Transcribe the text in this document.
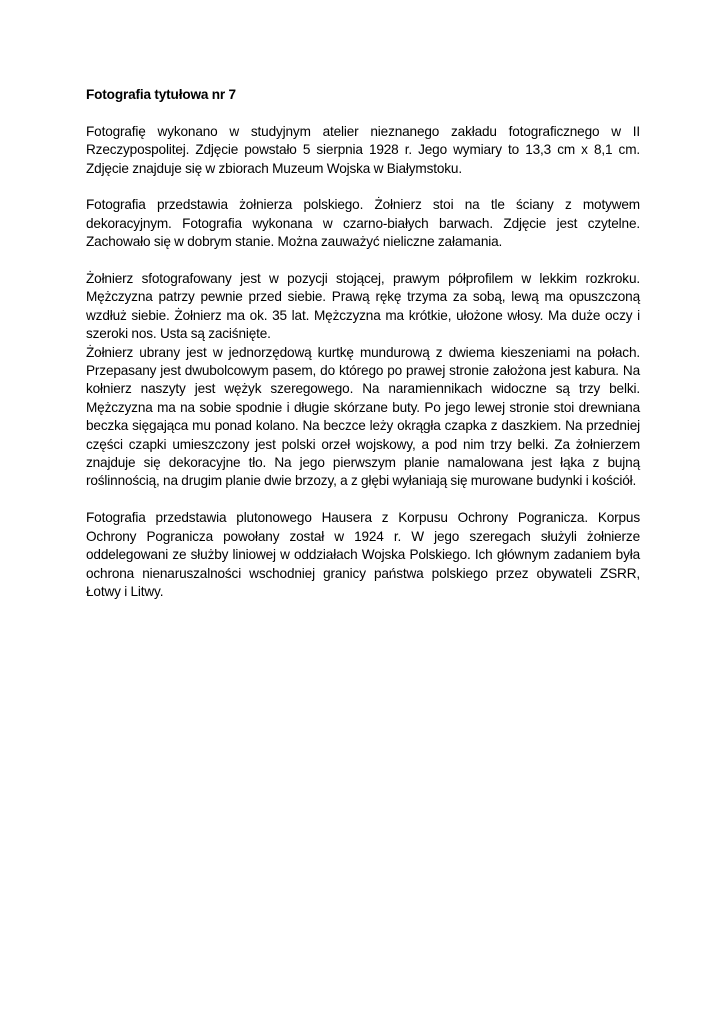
Fotografia tytułowa nr 7

Fotografię wykonano w studyjnym atelier nieznanego zakładu fotograficznego w II Rzeczypospolitej. Zdjęcie powstało 5 sierpnia 1928 r. Jego wymiary to 13,3 cm x 8,1 cm. Zdjęcie znajduje się w zbiorach Muzeum Wojska w Białymstoku.

Fotografia przedstawia żołnierza polskiego. Żołnierz stoi na tle ściany z motywem dekoracyjnym. Fotografia wykonana w czarno-białych barwach. Zdjęcie jest czytelne. Zachowało się w dobrym stanie. Można zauważyć nieliczne załamania.

Żołnierz sfotografowany jest w pozycji stojącej, prawym półprofilem w lekkim rozkroku. Mężczyzna patrzy pewnie przed siebie. Prawą rękę trzyma za sobą, lewą ma opuszczoną wzdłuż siebie. Żołnierz ma ok. 35 lat. Mężczyzna ma krótkie, ułożone włosy. Ma duże oczy i szeroki nos. Usta są zaciśnięte.

Żołnierz ubrany jest w jednorzędową kurtkę mundurową z dwiema kieszeniami na połach. Przepasany jest dwubolcowym pasem, do którego po prawej stronie założona jest kabura. Na kołnierz naszyty jest wężyk szeregowego. Na naramiennikach widoczne są trzy belki. Mężczyzna ma na sobie spodnie i długie skórzane buty. Po jego lewej stronie stoi drewniana beczka sięgająca mu ponad kolano. Na beczce leży okrągła czapka z daszkiem. Na przedniej części czapki umieszczony jest polski orzeł wojskowy, a pod nim trzy belki. Za żołnierzem znajduje się dekoracyjne tło. Na jego pierwszym planie namalowana jest łąka z bujną roślinnością, na drugim planie dwie brzozy, a z głębi wyłaniają się murowane budynki i kościół.

Fotografia przedstawia plutonowego Hausera z Korpusu Ochrony Pogranicza. Korpus Ochrony Pogranicza powołany został w 1924 r. W jego szeregach służyli żołnierze oddelegowani ze służby liniowej w oddziałach Wojska Polskiego. Ich głównym zadaniem była ochrona nienaruszalności wschodniej granicy państwa polskiego przez obywateli ZSRR, Łotwy i Litwy.
